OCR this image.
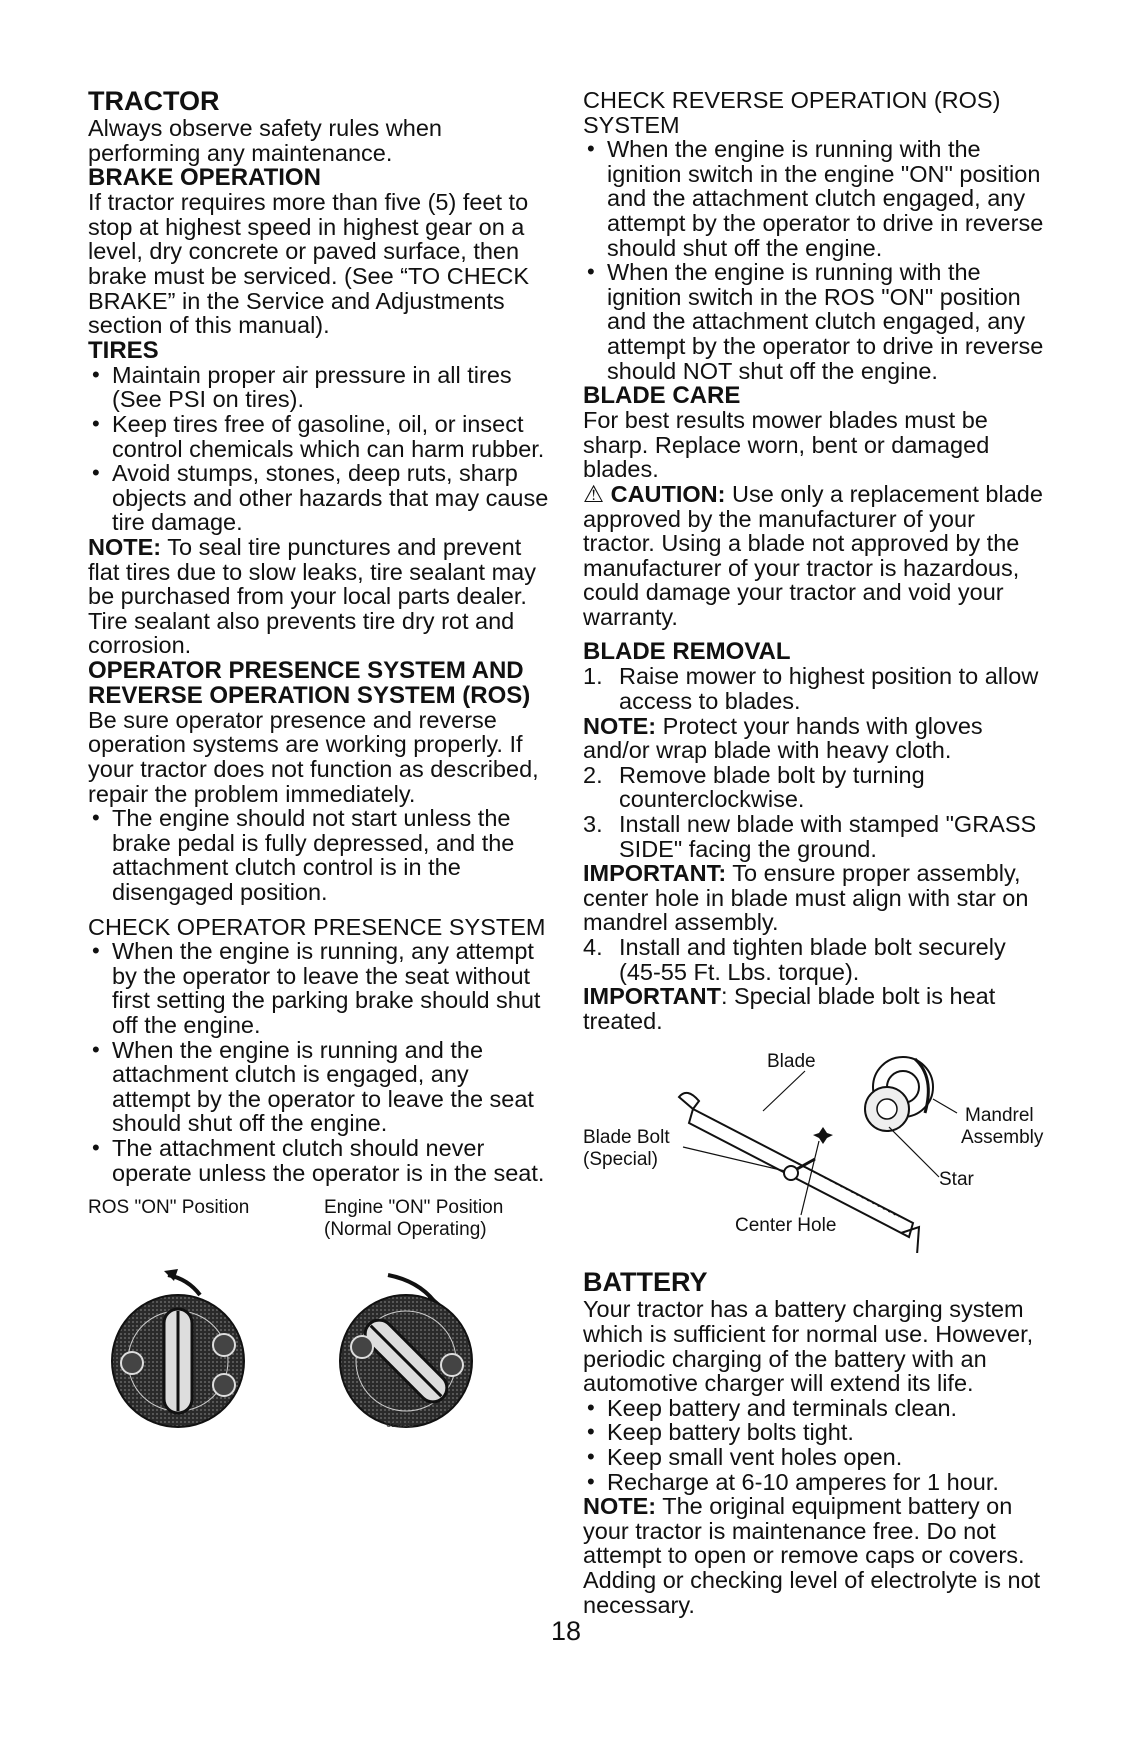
TRACTOR

Always observe safety rules when performing any maintenance.

BRAKE OPERATION

If tractor requires more than five (5) feet to stop at highest speed in highest gear on a level, dry concrete or paved surface, then brake must be serviced. (See “TO CHECK BRAKE” in the Service and Adjustments section of this manual).

TIRES
• Maintain proper air pressure in all tires (See PSI on tires).
• Keep tires free of gasoline, oil, or insect control chemicals which can harm rubber.
• Avoid stumps, stones, deep ruts, sharp objects and other hazards that may cause tire damage.

NOTE: To seal tire punctures and prevent flat tires due to slow leaks, tire sealant may be purchased from your local parts dealer. Tire sealant also prevents tire dry rot and corrosion.

OPERATOR PRESENCE SYSTEM AND REVERSE OPERATION SYSTEM (ROS)

Be sure operator presence and reverse operation systems are working properly. If your tractor does not function as described, repair the problem immediately.

• The engine should not start unless the brake pedal is fully depressed, and the attachment clutch control is in the disengaged position.

CHECK OPERATOR PRESENCE SYSTEM

• When the engine is running, any attempt by the operator to leave the seat without first setting the parking brake should shut off the engine.
• When the engine is running and the attachment clutch is engaged, any attempt by the operator to leave the seat should shut off the engine.
• The attachment clutch should never operate unless the operator is in the seat.
ROS "ON" Position	Engine "ON" Position
(Normal Operating)
02825

CHECK REVERSE OPERATION (ROS) SYSTEM

• When the engine is running with the ignition switch in the engine "ON" position and the attachment clutch engaged, any attempt by the operator to drive in reverse should shut off the engine.
• When the engine is running with the ignition switch in the ROS "ON" position and the attachment clutch engaged, any attempt by the operator to drive in reverse should NOT shut off the engine.
BLADE CARE

For best results mower blades must be sharp. Replace worn, bent or damaged blades.

⚠ CAUTION: Use only a replacement blade approved by the manufacturer of your tractor. Using a blade not approved by the manufacturer of your tractor is hazardous, could damage your tractor and void your warranty.

BLADE REMOVAL
1. Raise mower to highest position to allow access to blades.

NOTE: Protect your hands with gloves and/or wrap blade with heavy cloth.

2. Remove blade bolt by turning counterclockwise.
3. Install new blade with stamped "GRASS SIDE" facing the ground.

IMPORTANT: To ensure proper assembly, center hole in blade must align with star on mandrel assembly.

4. Install and tighten blade bolt securely (45-55 Ft. Lbs. torque).

IMPORTANT: Special blade bolt is heat treated.

Blade
Mandrel
Assembly
Blade Bolt
(Special)
Star
Center Hole
BATTERY

Your tractor has a battery charging system which is sufficient for normal use. However, periodic charging of the battery with an automotive charger will extend its life.

• Keep battery and terminals clean.
• Keep battery bolts tight.
• Keep small vent holes open.
• Recharge at 6-10 amperes for 1 hour.

NOTE: The original equipment battery on your tractor is maintenance free. Do not attempt to open or remove caps or covers. Adding or checking level of electrolyte is not necessary.

18
